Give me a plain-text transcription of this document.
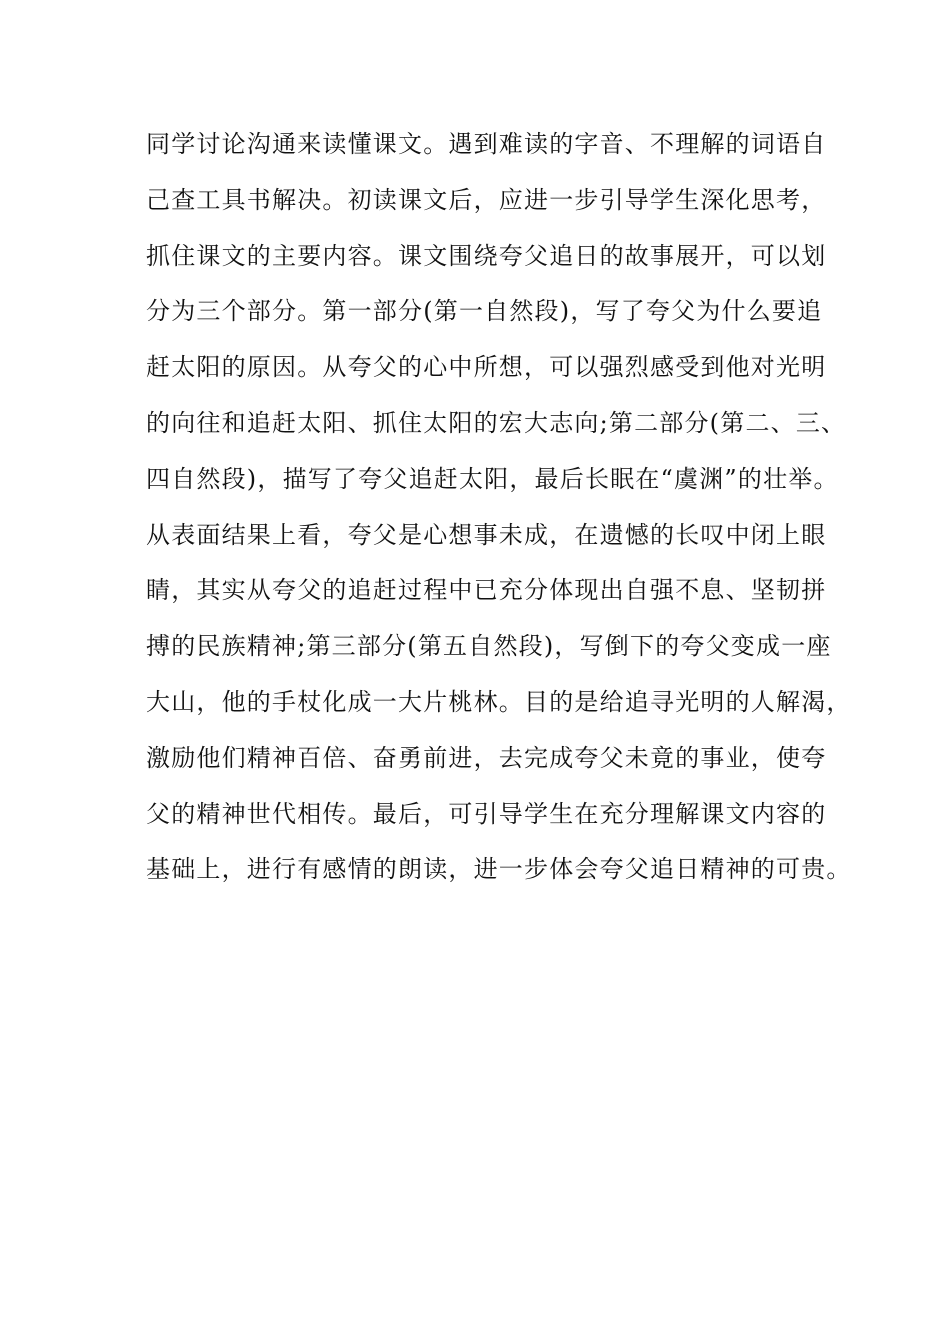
同学讨论沟通来读懂课文。遇到难读的字音、不理解的词语自
己查工具书解决。初读课文后，应进一步引导学生深化思考，
抓住课文的主要内容。课文围绕夸父追日的故事展开，可以划
分为三个部分。第一部分(第一自然段)，写了夸父为什么要追
赶太阳的原因。从夸父的心中所想，可以强烈感受到他对光明
的向往和追赶太阳、抓住太阳的宏大志向;第二部分(第二、三、
四自然段)，描写了夸父追赶太阳，最后长眠在“虞渊”的壮举。
从表面结果上看，夸父是心想事未成，在遗憾的长叹中闭上眼
睛，其实从夸父的追赶过程中已充分体现出自强不息、坚韧拼
搏的民族精神;第三部分(第五自然段)，写倒下的夸父变成一座
大山，他的手杖化成一大片桃林。目的是给追寻光明的人解渴，
激励他们精神百倍、奋勇前进，去完成夸父未竟的事业，使夸
父的精神世代相传。最后，可引导学生在充分理解课文内容的
基础上，进行有感情的朗读，进一步体会夸父追日精神的可贵。
